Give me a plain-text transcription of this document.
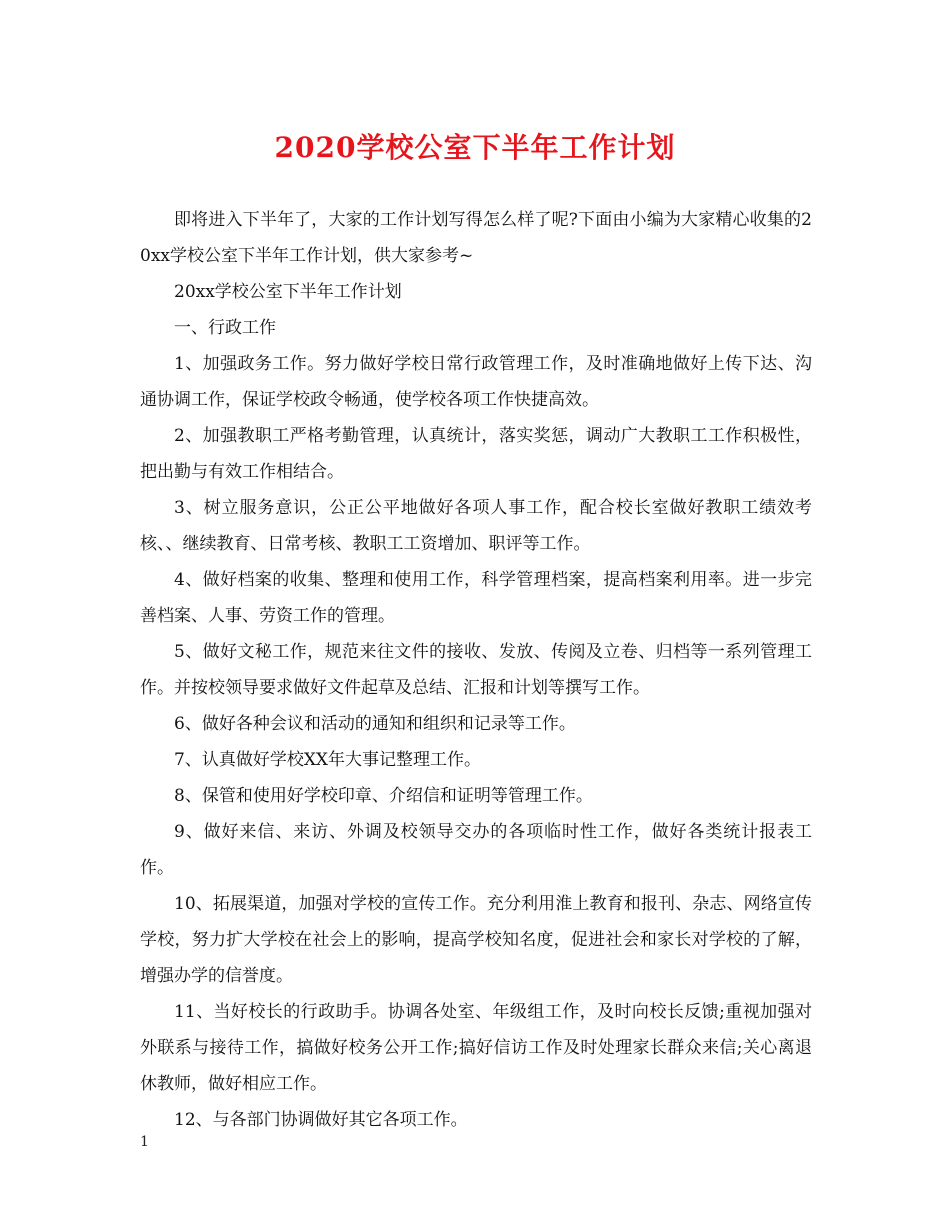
2020学校公室下半年工作计划

即将进入下半年了，大家的工作计划写得怎么样了呢?下面由小编为大家精心收集的20xx学校公室下半年工作计划，供大家参考~

20xx学校公室下半年工作计划

一、行政工作

1、加强政务工作。努力做好学校日常行政管理工作，及时准确地做好上传下达、沟通协调工作，保证学校政令畅通，使学校各项工作快捷高效。

2、加强教职工严格考勤管理，认真统计，落实奖惩，调动广大教职工工作积极性，把出勤与有效工作相结合。

3、树立服务意识，公正公平地做好各项人事工作，配合校长室做好教职工绩效考核、、继续教育、日常考核、教职工工资增加、职评等工作。

4、做好档案的收集、整理和使用工作，科学管理档案，提高档案利用率。进一步完善档案、人事、劳资工作的管理。

5、做好文秘工作，规范来往文件的接收、发放、传阅及立卷、归档等一系列管理工作。并按校领导要求做好文件起草及总结、汇报和计划等撰写工作。

6、做好各种会议和活动的通知和组织和记录等工作。

7、认真做好学校XX年大事记整理工作。

8、保管和使用好学校印章、介绍信和证明等管理工作。

9、做好来信、来访、外调及校领导交办的各项临时性工作，做好各类统计报表工作。

10、拓展渠道，加强对学校的宣传工作。充分利用淮上教育和报刊、杂志、网络宣传学校，努力扩大学校在社会上的影响，提高学校知名度，促进社会和家长对学校的了解，增强办学的信誉度。

11、当好校长的行政助手。协调各处室、年级组工作，及时向校长反馈;重视加强对外联系与接待工作，搞做好校务公开工作;搞好信访工作及时处理家长群众来信;关心离退休教师，做好相应工作。

12、与各部门协调做好其它各项工作。

1
